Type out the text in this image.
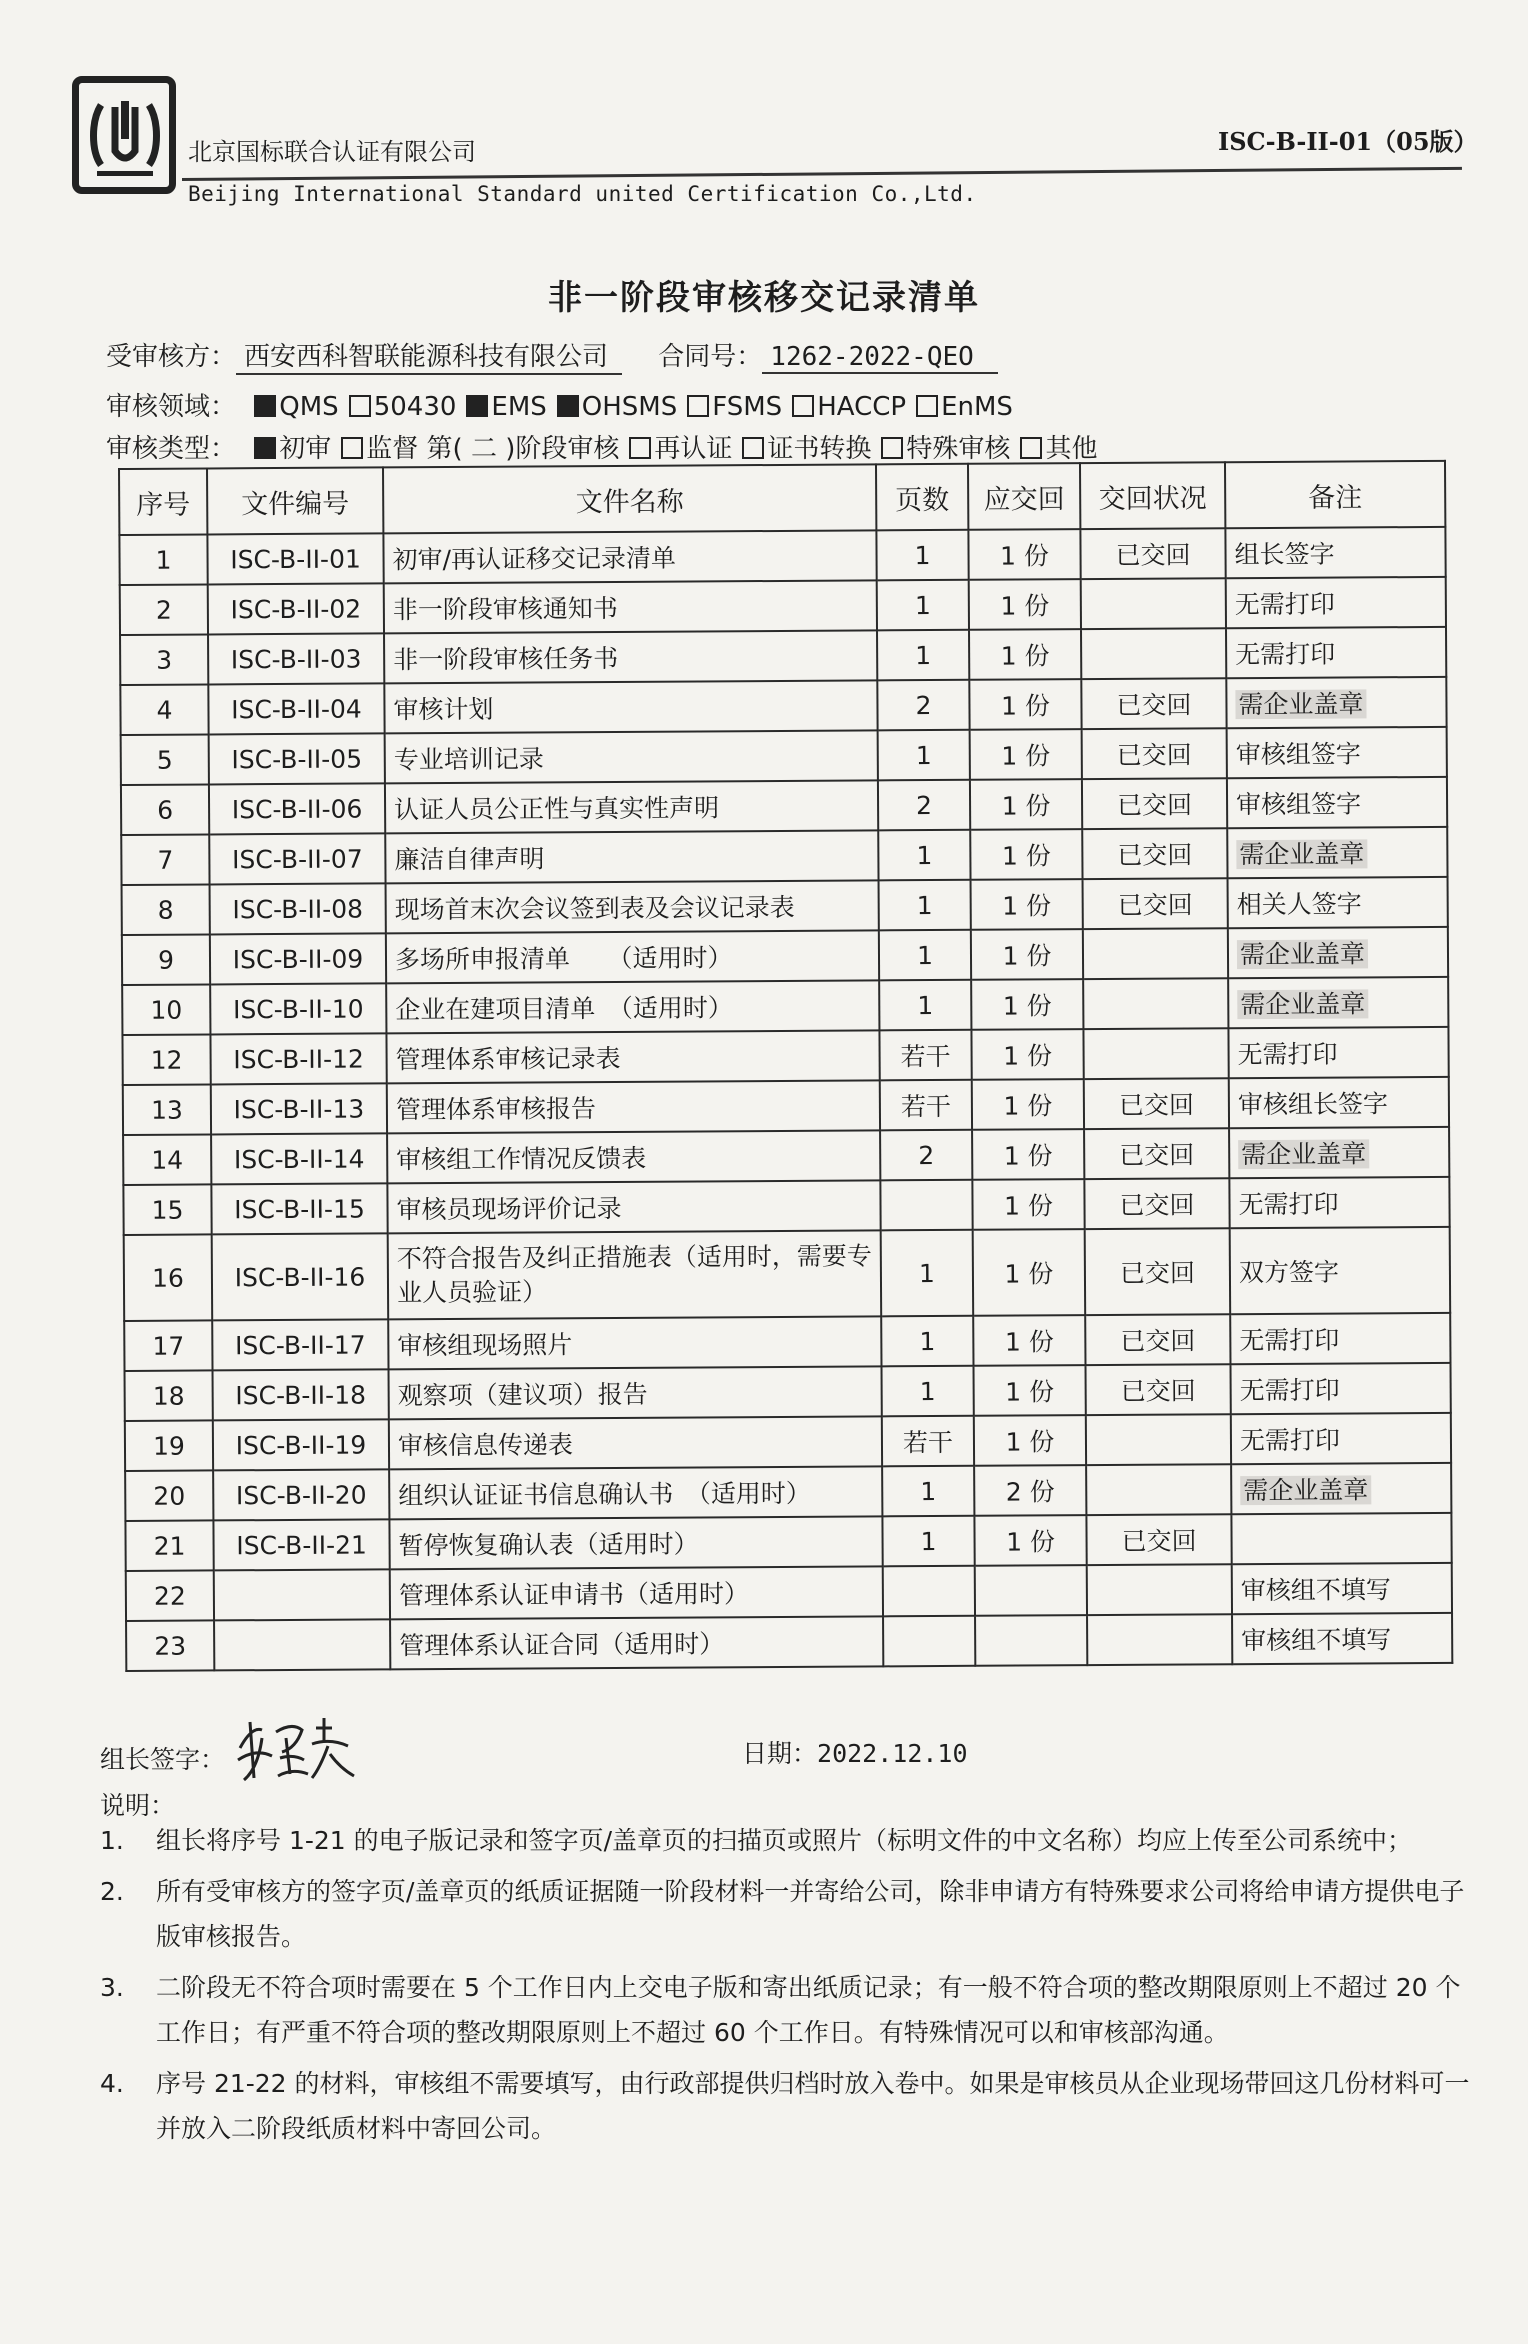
北京国标联合认证有限公司
Beijing International Standard united Certification Co.,Ltd.
ISC-B-II-01（05版）
非一阶段审核移交记录清单
受审核方： 西安西科智联能源科技有限公司 合同号： 1262-2022-QEO
审核领域： QMS 50430 EMS OHSMS FSMS HACCP EnMS
审核类型： 初审 监督 第( 二 )阶段审核 再认证 证书转换 特殊审核 其他
序号	文件编号	文件名称	页数	应交回	交回状况	备注
1	ISC-B-II-01	初审/再认证移交记录清单	1	1 份	已交回	组长签字
2	ISC-B-II-02	非一阶段审核通知书	1	1 份		无需打印
3	ISC-B-II-03	非一阶段审核任务书	1	1 份		无需打印
4	ISC-B-II-04	审核计划	2	1 份	已交回	需企业盖章
5	ISC-B-II-05	专业培训记录	1	1 份	已交回	审核组签字
6	ISC-B-II-06	认证人员公正性与真实性声明	2	1 份	已交回	审核组签字
7	ISC-B-II-07	廉洁自律声明	1	1 份	已交回	需企业盖章
8	ISC-B-II-08	现场首末次会议签到表及会议记录表	1	1 份	已交回	相关人签字
9	ISC-B-II-09	多场所申报清单　　（适用时）	1	1 份		需企业盖章
10	ISC-B-II-10	企业在建项目清单　（适用时）	1	1 份		需企业盖章
12	ISC-B-II-12	管理体系审核记录表	若干	1 份		无需打印
13	ISC-B-II-13	管理体系审核报告	若干	1 份	已交回	审核组长签字
14	ISC-B-II-14	审核组工作情况反馈表	2	1 份	已交回	需企业盖章
15	ISC-B-II-15	审核员现场评价记录		1 份	已交回	无需打印
16	ISC-B-II-16	不符合报告及纠正措施表（适用时，需要专业人员验证）	1	1 份	已交回	双方签字
17	ISC-B-II-17	审核组现场照片	1	1 份	已交回	无需打印
18	ISC-B-II-18	观察项（建议项）报告	1	1 份	已交回	无需打印
19	ISC-B-II-19	审核信息传递表	若干	1 份		无需打印
20	ISC-B-II-20	组织认证证书信息确认书　（适用时）	1	2 份		需企业盖章
21	ISC-B-II-21	暂停恢复确认表（适用时）	1	1 份	已交回	
22		管理体系认证申请书（适用时）				审核组不填写
23		管理体系认证合同（适用时）				审核组不填写
组长签字：	日期：2022.12.10
说明：
1.	组长将序号 1-21 的电子版记录和签字页/盖章页的扫描页或照片（标明文件的中文名称）均应上传至公司系统中；
2.	所有受审核方的签字页/盖章页的纸质证据随一阶段材料一并寄给公司，除非申请方有特殊要求公司将给申请方提供电子版审核报告。
3.	二阶段无不符合项时需要在 5 个工作日内上交电子版和寄出纸质记录；有一般不符合项的整改期限原则上不超过 20 个工作日；有严重不符合项的整改期限原则上不超过 60 个工作日。有特殊情况可以和审核部沟通。
4.	序号 21-22 的材料，审核组不需要填写，由行政部提供归档时放入卷中。如果是审核员从企业现场带回这几份材料可一并放入二阶段纸质材料中寄回公司。
